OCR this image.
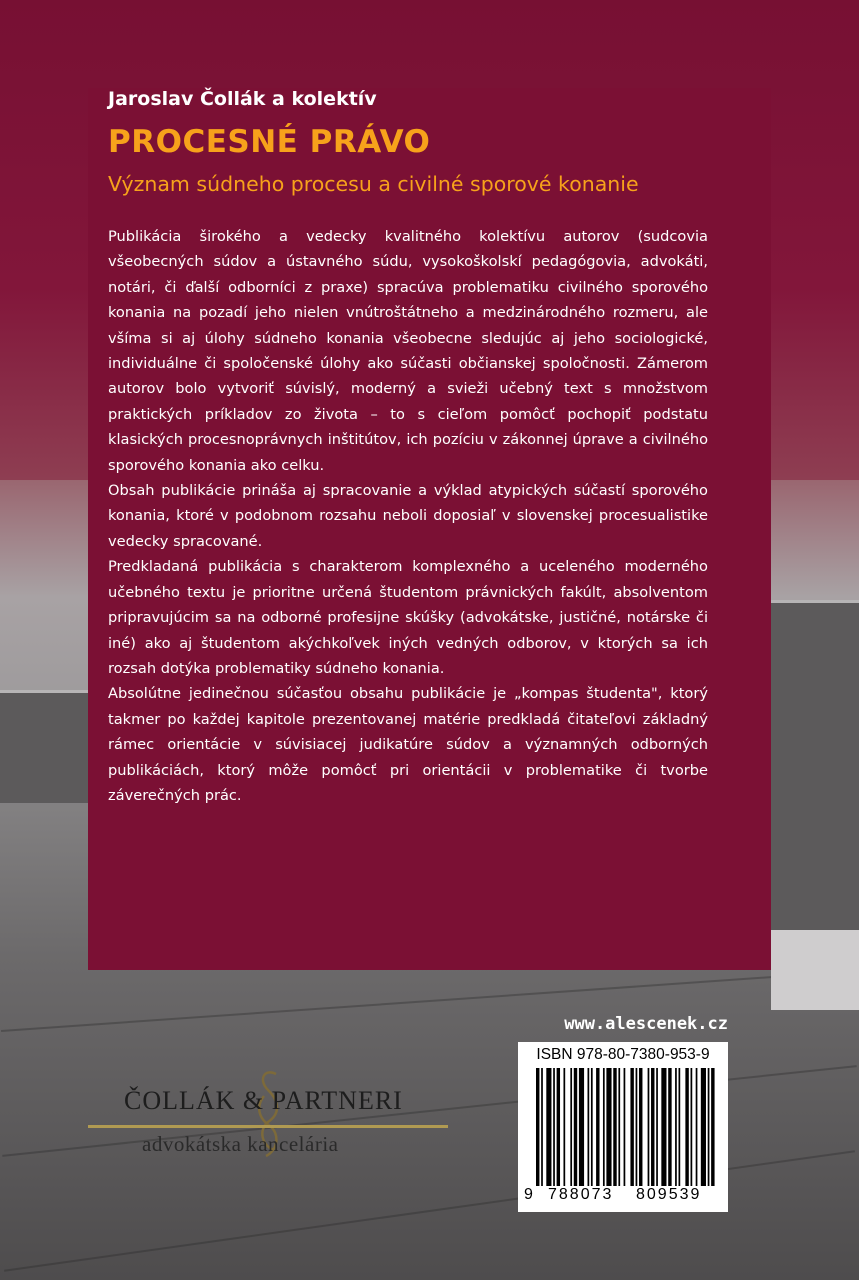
Jaroslav Čollák a kolektív
PROCESNÉ PRÁVO
Význam súdneho procesu a civilné sporové konanie

Publikácia širokého a vedecky kvalitného kolektívu autorov (sudcovia všeobecných súdov a ústavného súdu, vysokoškolskí pedagógovia, advokáti, notári, či ďalší odborníci z praxe) spracúva problematiku civilného sporového konania na pozadí jeho nielen vnútroštátneho a medzinárodného rozmeru, ale všíma si aj úlohy súdneho konania všeobecne sledujúc aj jeho sociologické, individuálne či spoločenské úlohy ako súčasti občianskej spoločnosti. Zámerom autorov bolo vytvoriť súvislý, moderný a svieži učebný text s množstvom praktických príkladov zo života – to s cieľom pomôcť pochopiť podstatu klasických procesnoprávnych inštitútov, ich pozíciu v zákonnej úprave a civilného sporového konania ako celku.

Obsah publikácie prináša aj spracovanie a výklad atypických súčastí sporového konania, ktoré v podobnom rozsahu neboli doposiaľ v slovenskej procesualistike vedecky spracované.

Predkladaná publikácia s charakterom komplexného a uceleného moderného učebného textu je prioritne určená študentom právnických fakúlt, absolventom pripravujúcim sa na odborné profesijne skúšky (advokátske, justičné, notárske či iné) ako aj študentom akýchkoľvek iných vedných odborov, v ktorých sa ich rozsah dotýka problematiky súdneho konania.

Absolútne jedinečnou súčasťou obsahu publikácie je „kompas študenta", ktorý takmer po každej kapitole prezentovanej matérie predkladá čitateľovi základný rámec orientácie v súvisiacej judikatúre súdov a významných odborných publikáciách, ktorý môže pomôcť pri orientácii v problematike či tvorbe záverečných prác.

www.alescenek.cz
ISBN 978-80-7380-953-9
9 788073 809539
ČOLLÁK & PARTNERI
advokátska kancelária
